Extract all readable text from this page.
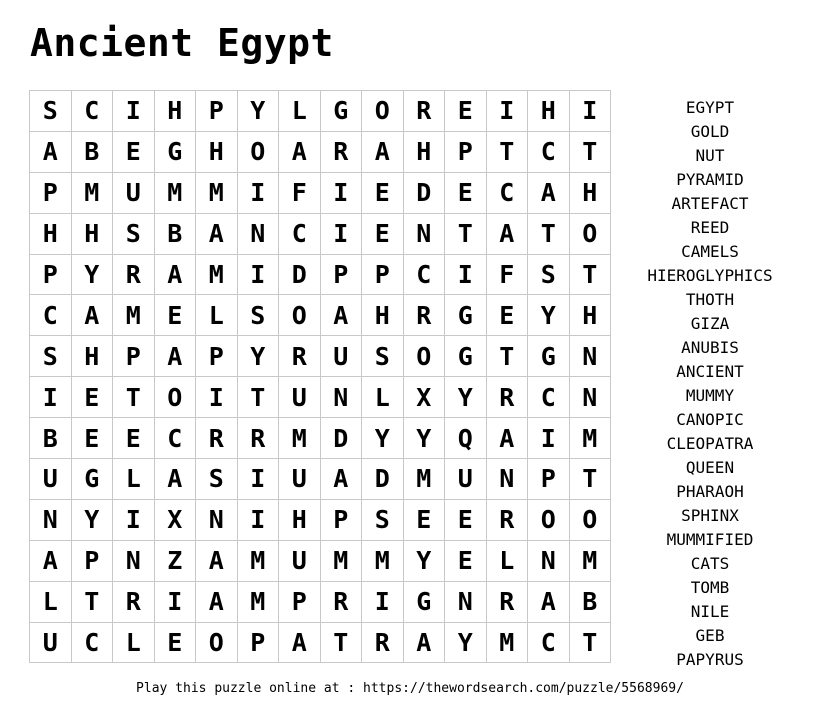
Ancient Egypt
S	C	I	H	P	Y	L	G	O	R	E	I	H	I
A	B	E	G	H	O	A	R	A	H	P	T	C	T
P	M	U	M	M	I	F	I	E	D	E	C	A	H
H	H	S	B	A	N	C	I	E	N	T	A	T	O
P	Y	R	A	M	I	D	P	P	C	I	F	S	T
C	A	M	E	L	S	O	A	H	R	G	E	Y	H
S	H	P	A	P	Y	R	U	S	O	G	T	G	N
I	E	T	O	I	T	U	N	L	X	Y	R	C	N
B	E	E	C	R	R	M	D	Y	Y	Q	A	I	M
U	G	L	A	S	I	U	A	D	M	U	N	P	T
N	Y	I	X	N	I	H	P	S	E	E	R	O	O
A	P	N	Z	A	M	U	M	M	Y	E	L	N	M
L	T	R	I	A	M	P	R	I	G	N	R	A	B
U	C	L	E	O	P	A	T	R	A	Y	M	C	T
EGYPT
GOLD
NUT
PYRAMID
ARTEFACT
REED
CAMELS
HIEROGLYPHICS
THOTH
GIZA
ANUBIS
ANCIENT
MUMMY
CANOPIC
CLEOPATRA
QUEEN
PHARAOH
SPHINX
MUMMIFIED
CATS
TOMB
NILE
GEB
PAPYRUS
Play this puzzle online at : https://thewordsearch.com/puzzle/5568969/
